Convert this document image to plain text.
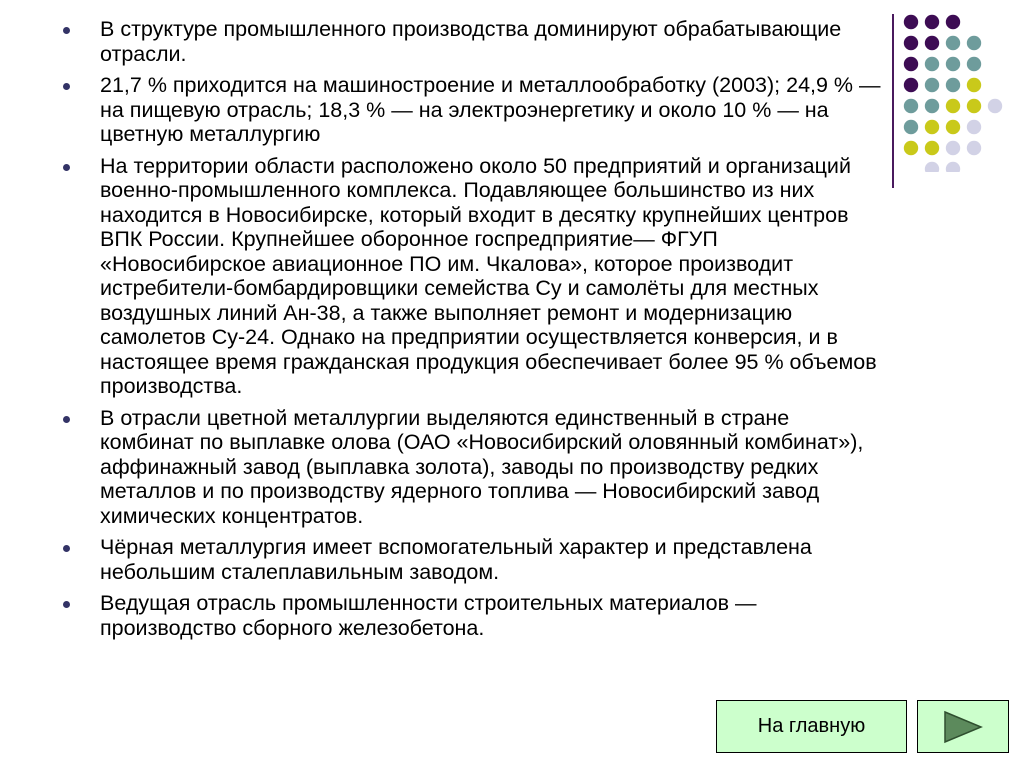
В структуре промышленного производства доминируют обрабатывающие отрасли.
21,7 % приходится на машиностроение и металлообработку (2003); 24,9 % — на пищевую отрасль; 18,3 % — на электроэнергетику и около 10 % — на цветную металлургию
На территории области расположено около 50 предприятий и организаций военно-промышленного комплекса. Подавляющее большинство из них находится в Новосибирске, который входит в десятку крупнейших центров ВПК России. Крупнейшее оборонное госпредприятие— ФГУП «Новосибирское авиационное ПО им. Чкалова», которое производит истребители-бомбардировщики семейства Су и самолёты для местных воздушных линий Ан-38, а также выполняет ремонт и модернизацию самолетов Су-24. Однако на предприятии осуществляется конверсия, и в настоящее время гражданская продукция обеспечивает более 95 % объемов производства.
В отрасли цветной металлургии выделяются единственный в стране комбинат по выплавке олова (ОАО «Новосибирский оловянный комбинат»), аффинажный завод (выплавка золота), заводы по производству редких металлов и по производству ядерного топлива — Новосибирский завод химических концентратов.
Чёрная металлургия имеет вспомогательный характер и представлена небольшим сталеплавильным заводом.
Ведущая отрасль промышленности строительных материалов — производство сборного железобетона.
На главную
